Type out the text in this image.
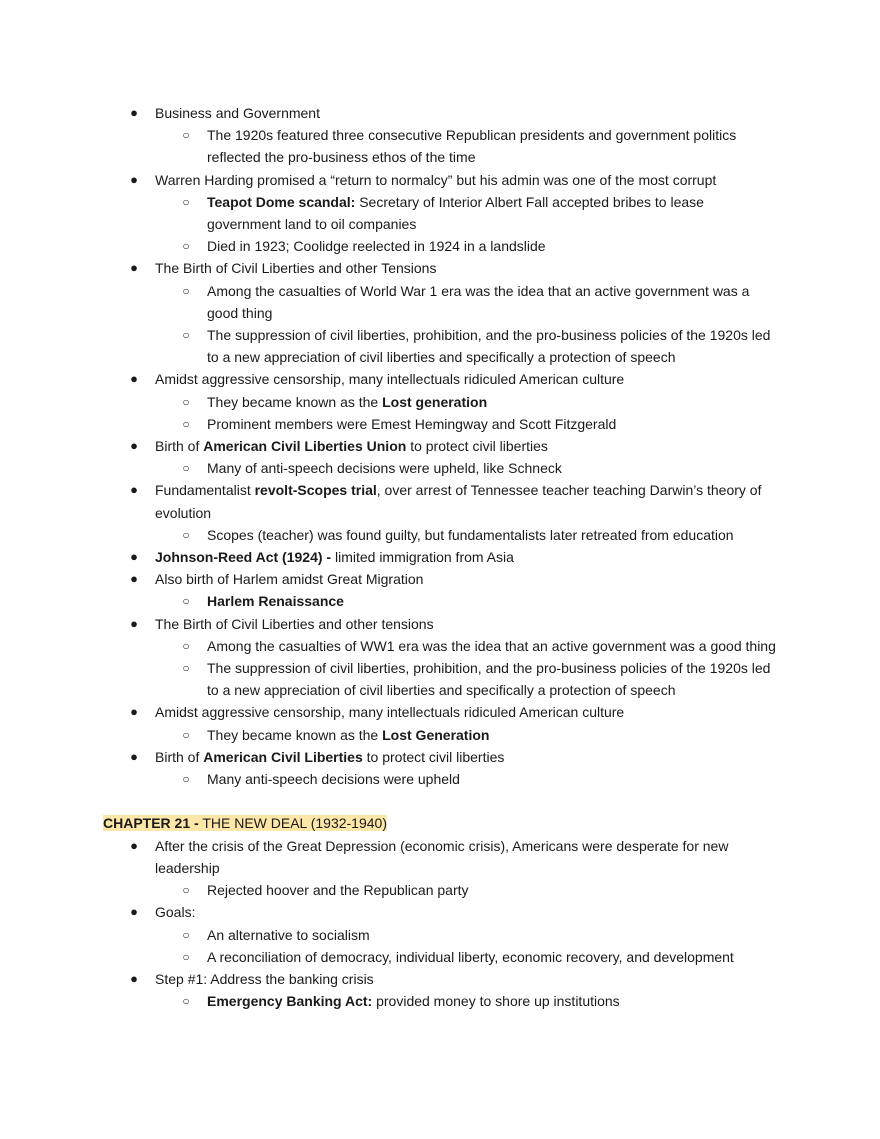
● Business and Government
○ The 1920s featured three consecutive Republican presidents and government politics reflected the pro-business ethos of the time
● Warren Harding promised a “return to normalcy” but his admin was one of the most corrupt
○ Teapot Dome scandal: Secretary of Interior Albert Fall accepted bribes to lease government land to oil companies
○ Died in 1923; Coolidge reelected in 1924 in a landslide
● The Birth of Civil Liberties and other Tensions
○ Among the casualties of World War 1 era was the idea that an active government was a good thing
○ The suppression of civil liberties, prohibition, and the pro-business policies of the 1920s led to a new appreciation of civil liberties and specifically a protection of speech
● Amidst aggressive censorship, many intellectuals ridiculed American culture
○ They became known as the Lost generation
○ Prominent members were Emest Hemingway and Scott Fitzgerald
● Birth of American Civil Liberties Union to protect civil liberties
○ Many of anti-speech decisions were upheld, like Schneck
● Fundamentalist revolt-Scopes trial, over arrest of Tennessee teacher teaching Darwin’s theory of evolution
○ Scopes (teacher) was found guilty, but fundamentalists later retreated from education
● Johnson-Reed Act (1924) - limited immigration from Asia
● Also birth of Harlem amidst Great Migration
○ Harlem Renaissance
● The Birth of Civil Liberties and other tensions
○ Among the casualties of WW1 era was the idea that an active government was a good thing
○ The suppression of civil liberties, prohibition, and the pro-business policies of the 1920s led to a new appreciation of civil liberties and specifically a protection of speech
● Amidst aggressive censorship, many intellectuals ridiculed American culture
○ They became known as the Lost Generation
● Birth of American Civil Liberties to protect civil liberties
○ Many anti-speech decisions were upheld
CHAPTER 21 - THE NEW DEAL (1932-1940)
● After the crisis of the Great Depression (economic crisis), Americans were desperate for new leadership
○ Rejected hoover and the Republican party
● Goals:
○ An alternative to socialism
○ A reconciliation of democracy, individual liberty, economic recovery, and development
● Step #1: Address the banking crisis
○ Emergency Banking Act: provided money to shore up institutions
